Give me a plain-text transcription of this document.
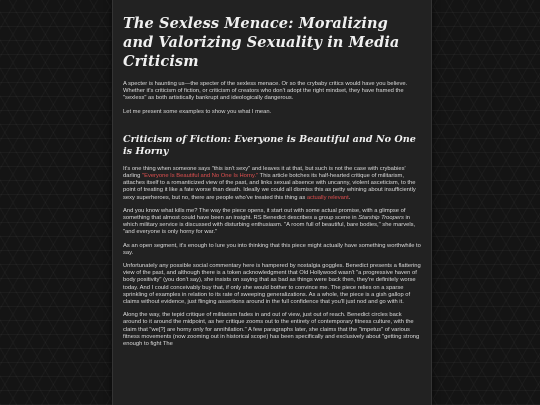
The Sexless Menace: Moralizing and Valorizing Sexuality in Media Criticism

A specter is haunting us—the specter of the sexless menace. Or so the crybaby critics would have you believe. Whether it's criticism of fiction, or criticism of creators who don't adopt the right mindset, they have framed the "sexless" as both artistically bankrupt and ideologically dangerous.

Let me present some examples to show you what I mean.

Criticism of Fiction: Everyone is Beautiful and No One is Horny

It's one thing when someone says "this isn't sexy" and leaves it at that, but such is not the case with crybabies' darling "Everyone Is Beautiful and No One Is Horny." This article botches its half-hearted critique of militarism, attaches itself to a romanticized view of the past, and links sexual absence with uncanny, violent asceticism, to the point of treating it like a fate worse than death. Ideally we could all dismiss this as petty whining about insufficiently sexy superheroes, but no, there are people who've treated this thing as actually relevant.

And you know what kills me? The way the piece opens, it start out with some actual promise, with a glimpse of something that almost could have been an insight. RS Benedict describes a group scene in Starship Troopers in which military service is discussed with disturbing enthusiasm. "A room full of beautiful, bare bodies," she marvels, "and everyone is only horny for war."

As an open segment, it's enough to lure you into thinking that this piece might actually have something worthwhile to say.

Unfortunately any possible social commentary here is hampered by nostalgia goggles. Benedict presents a flattering view of the past, and although there is a token acknowledgment that Old Hollywood wasn't "a progressive haven of body positivity" (you don't say), she insists on saying that as bad as things were back then, they're definitely worse today. And I could conceivably buy that, if only she would bother to convince me. The piece relies on a sparse sprinkling of examples in relation to its rate of sweeping generalizations. As a whole, the piece is a gish gallop of claims without evidence, just flinging assertions around in the full confidence that you'll just nod and go with it.

Along the way, the tepid critique of militarism fades in and out of view, just out of reach. Benedict circles back around to it around the midpoint, as her critique zooms out to the entirety of contemporary fitness culture, with the claim that "we[?] are horny only for annihilation." A few paragraphs later, she claims that the "impetus" of various fitness movements (now zooming out in historical scope) has been specifically and exclusively about "getting strong enough to fight The
